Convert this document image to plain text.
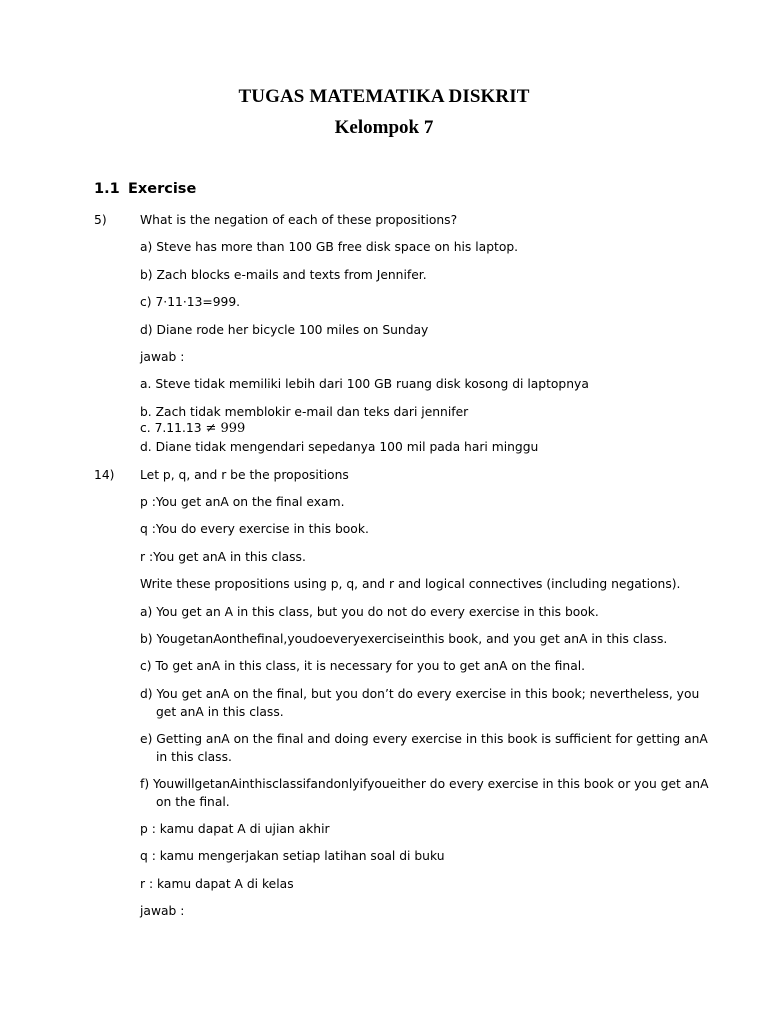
TUGAS MATEMATIKA DISKRIT
Kelompok 7
1.1 Exercise
5)	What is the negation of each of these propositions?
a) Steve has more than 100 GB free disk space on his laptop.
b) Zach blocks e-mails and texts from Jennifer.
c) 7·11·13=999.
d) Diane rode her bicycle 100 miles on Sunday
jawab :
a. Steve tidak memiliki lebih dari 100 GB ruang disk kosong di laptopnya
b. Zach tidak memblokir e-mail dan teks dari jennifer
c. 7.11.13 ≠ 999
d. Diane tidak mengendari sepedanya 100 mil pada hari minggu
14) Let p, q, and r be the propositions
p :You get anA on the final exam.
q :You do every exercise in this book.
r :You get anA in this class.
Write these propositions using p, q, and r and logical connectives (including negations).
a) You get an A in this class, but you do not do every exercise in this book.
b) YougetanAonthefinal,youdoeveryexerciseinthis book, and you get anA in this class.
c) To get anA in this class, it is necessary for you to get anA on the final.
d) You get anA on the final, but you don’t do every exercise in this book; nevertheless, you
get anA in this class.
e) Getting anA on the final and doing every exercise in this book is sufficient for getting anA
in this class.
f) YouwillgetanAinthisclassifandonlyifyoueither do every exercise in this book or you get anA
on the final.
p : kamu dapat A di ujian akhir
q : kamu mengerjakan setiap latihan soal di buku
r : kamu dapat A di kelas
jawab :
